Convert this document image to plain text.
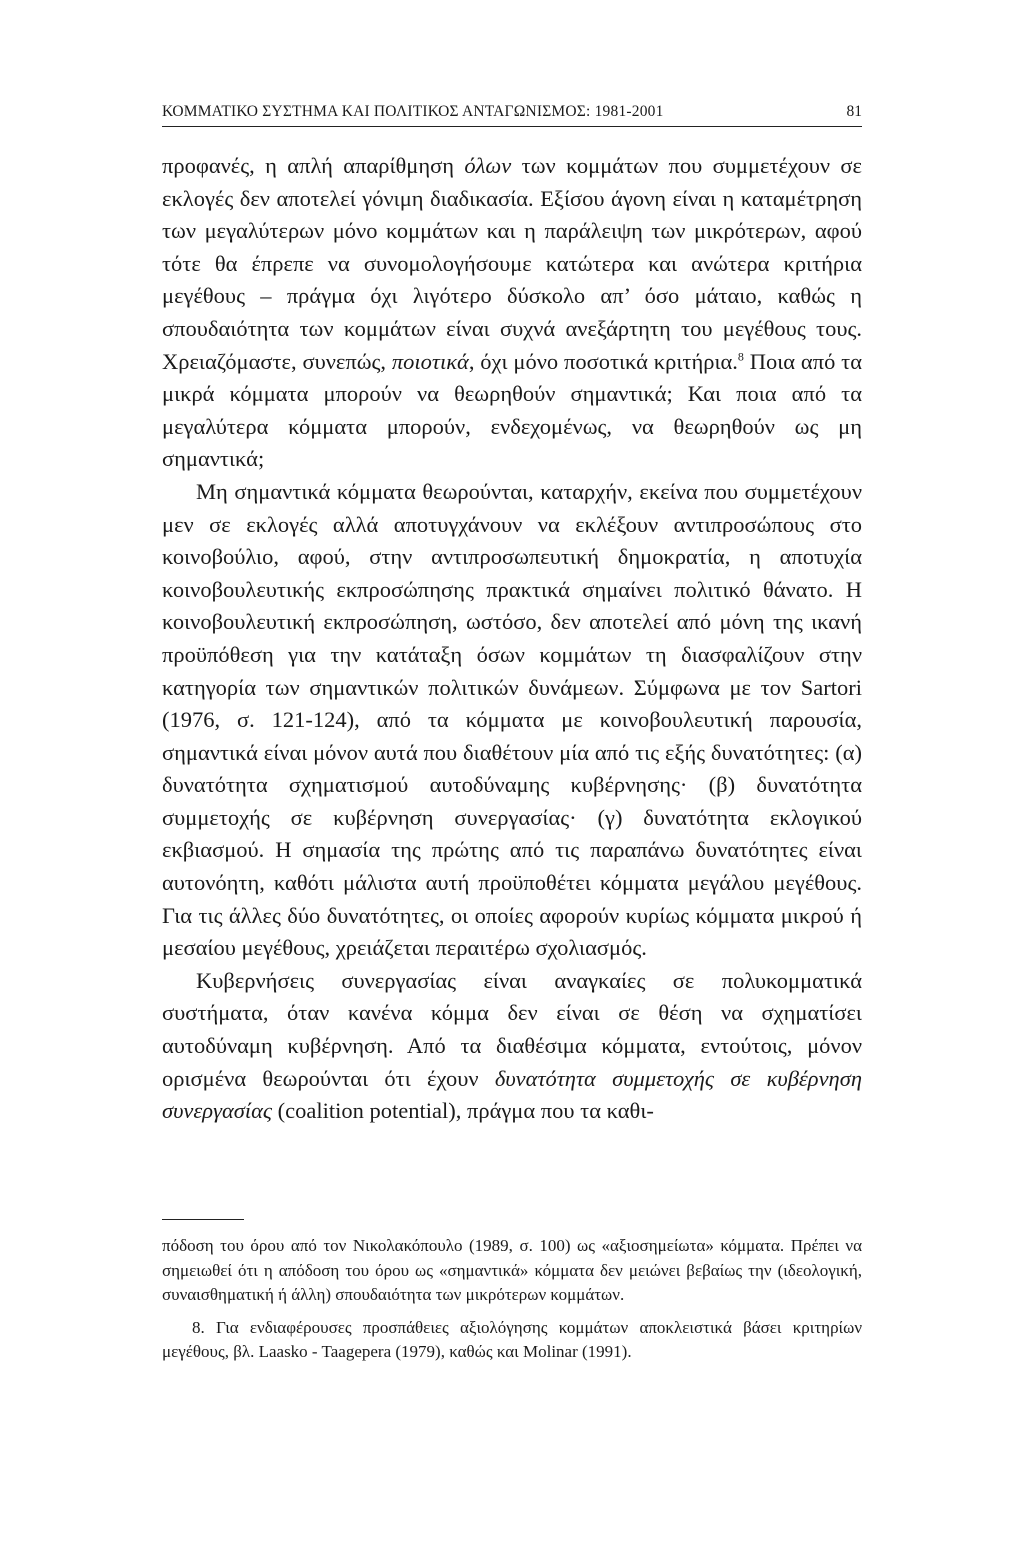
ΚΟΜΜΑΤΙΚΟ ΣΥΣΤΗΜΑ ΚΑΙ ΠΟΛΙΤΙΚΟΣ ΑΝΤΑΓΩΝΙΣΜΟΣ: 1981-2001	81

προφανές, η απλή απαρίθμηση όλων των κομμάτων που συμμετέχουν σε εκλογές δεν αποτελεί γόνιμη διαδικασία. Εξίσου άγονη είναι η καταμέτρηση των μεγαλύτερων μόνο κομμάτων και η παράλειψη των μικρότερων, αφού τότε θα έπρεπε να συνομολογήσουμε κατώτερα και ανώτερα κριτήρια μεγέθους – πράγμα όχι λιγότερο δύσκολο απ’ όσο μάταιο, καθώς η σπουδαιότητα των κομμάτων είναι συχνά ανεξάρτητη του μεγέθους τους. Χρειαζόμαστε, συνεπώς, ποιοτικά, όχι μόνο ποσοτικά κριτήρια.$^8$ Ποια από τα μικρά κόμματα μπορούν να θεωρηθούν σημαντικά; Και ποια από τα μεγαλύτερα κόμματα μπορούν, ενδεχομένως, να θεωρηθούν ως μη σημαντικά;

Μη σημαντικά κόμματα θεωρούνται, καταρχήν, εκείνα που συμμετέχουν μεν σε εκλογές αλλά αποτυγχάνουν να εκλέξουν αντιπροσώπους στο κοινοβούλιο, αφού, στην αντιπροσωπευτική δημοκρατία, η αποτυχία κοινοβουλευτικής εκπροσώπησης πρακτικά σημαίνει πολιτικό θάνατο. Η κοινοβουλευτική εκπροσώπηση, ωστόσο, δεν αποτελεί από μόνη της ικανή προϋπόθεση για την κατάταξη όσων κομμάτων τη διασφαλίζουν στην κατηγορία των σημαντικών πολιτικών δυνάμεων. Σύμφωνα με τον Sartori (1976, σ. 121-124), από τα κόμματα με κοινοβουλευτική παρουσία, σημαντικά είναι μόνον αυτά που διαθέτουν μία από τις εξής δυνατότητες: (α) δυνατότητα σχηματισμού αυτοδύναμης κυβέρνησης· (β) δυνατότητα συμμετοχής σε κυβέρνηση συνεργασίας· (γ) δυνατότητα εκλογικού εκβιασμού. Η σημασία της πρώτης από τις παραπάνω δυνατότητες είναι αυτονόητη, καθότι μάλιστα αυτή προϋποθέτει κόμματα μεγάλου μεγέθους. Για τις άλλες δύο δυνατότητες, οι οποίες αφορούν κυρίως κόμματα μικρού ή μεσαίου μεγέθους, χρειάζεται περαιτέρω σχολιασμός.

Κυβερνήσεις συνεργασίας είναι αναγκαίες σε πολυκομματικά συστήματα, όταν κανένα κόμμα δεν είναι σε θέση να σχηματίσει αυτοδύναμη κυβέρνηση. Από τα διαθέσιμα κόμματα, εντούτοις, μόνον ορισμένα θεωρούνται ότι έχουν δυνατότητα συμμετοχής σε κυβέρνηση συνεργασίας (coalition potential), πράγμα που τα καθι-

πόδοση του όρου από τον Νικολακόπουλο (1989, σ. 100) ως «αξιοσημείωτα» κόμματα. Πρέπει να σημειωθεί ότι η απόδοση του όρου ως «σημαντικά» κόμματα δεν μειώνει βεβαίως την (ιδεολογική, συναισθηματική ή άλλη) σπουδαιότητα των μικρότερων κομμάτων.

8. Για ενδιαφέρουσες προσπάθειες αξιολόγησης κομμάτων αποκλειστικά βάσει κριτηρίων μεγέθους, βλ. Laasko - Taagepera (1979), καθώς και Molinar (1991).
